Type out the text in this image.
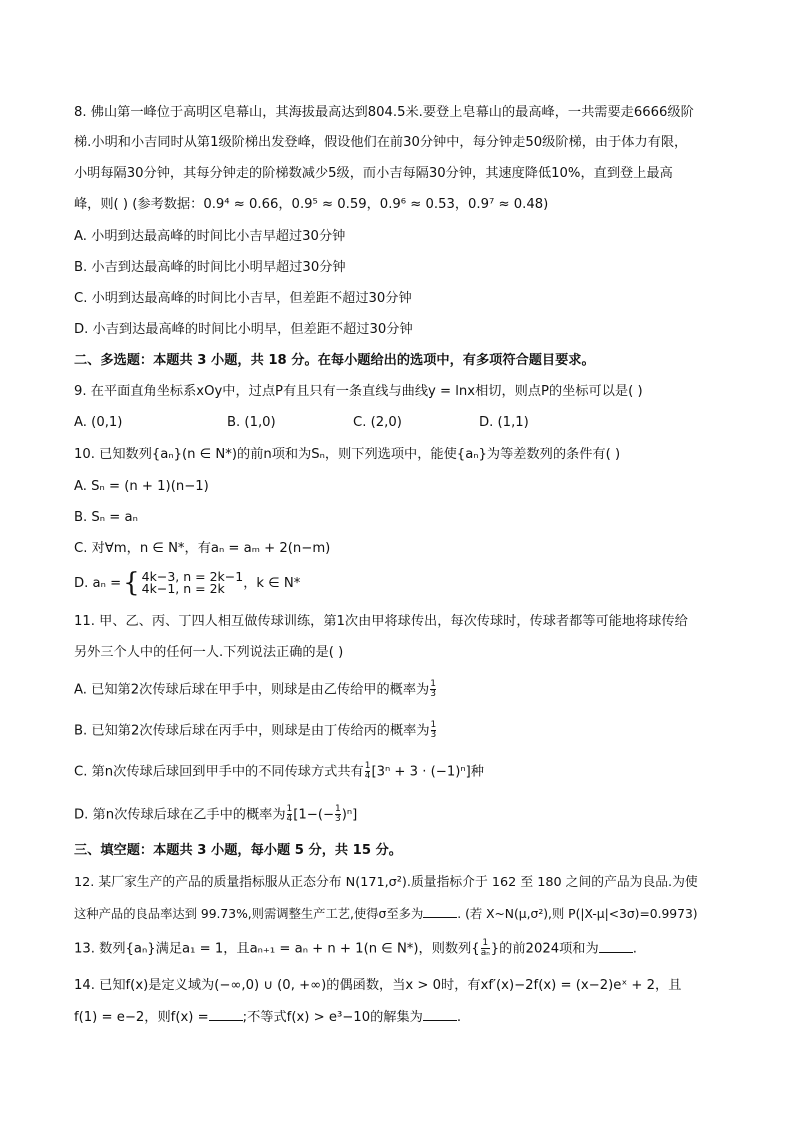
8. 佛山第一峰位于高明区皂幕山，其海拔最高达到804.5米.要登上皂幕山的最高峰，一共需要走6666级阶
梯.小明和小吉同时从第1级阶梯出发登峰，假设他们在前30分钟中，每分钟走50级阶梯，由于体力有限，
小明每隔30分钟，其每分钟走的阶梯数减少5级，而小吉每隔30分钟，其速度降低10%，直到登上最高
峰，则( ) (参考数据：0.9⁴ ≈ 0.66，0.9⁵ ≈ 0.59，0.9⁶ ≈ 0.53，0.9⁷ ≈ 0.48)
A. 小明到达最高峰的时间比小吉早超过30分钟
B. 小吉到达最高峰的时间比小明早超过30分钟
C. 小明到达最高峰的时间比小吉早，但差距不超过30分钟
D. 小吉到达最高峰的时间比小明早，但差距不超过30分钟
二、多选题：本题共 3 小题，共 18 分。在每小题给出的选项中，有多项符合题目要求。
9. 在平面直角坐标系xOy中，过点P有且只有一条直线与曲线y = lnx相切，则点P的坐标可以是( )
A. (0,1)	B. (1,0)	C. (2,0)	D. (1,1)
10. 已知数列{aₙ}(n ∈ N*)的前n项和为Sₙ，则下列选项中，能使{aₙ}为等差数列的条件有( )
A. Sₙ = (n + 1)(n−1)
B. Sₙ = aₙ
C. 对∀m，n ∈ N*，有aₙ = aₘ + 2(n−m)
D. aₙ ={ 4k−3, n = 2k−1
4k−1, n = 2k	，k ∈ N*
11. 甲、乙、丙、丁四人相互做传球训练，第1次由甲将球传出，每次传球时，传球者都等可能地将球传给
另外三个人中的任何一人.下列说法正确的是( )
A. 已知第2次传球后球在甲手中，则球是由乙传给甲的概率为 $\frac{1}{3}$
B. 已知第2次传球后球在丙手中，则球是由丁传给丙的概率为 $\frac{1}{3}$
C. 第n次传球后球回到甲手中的不同传球方式共有 $\frac{1}{4} [3^n + 3 \cdot (-1)^n]$种
D. 第n次传球后球在乙手中的概率为 $\frac{1}{4} [1-(- \frac{1}{3} )^n]$
三、填空题：本题共 3 小题，每小题 5 分，共 15 分。
12. 某厂家生产的产品的质量指标服从正态分布 N(171,σ²).质量指标介于 162 至 180 之间的产品为良品.为使
这种产品的良品率达到 99.73%,则需调整生产工艺,使得σ至多为	. (若 X~N(μ,σ²),则 P(|X-μ|<3σ)=0.9973)
13. 数列{aₙ}满足a₁ = 1，且aₙ₊₁ = aₙ + n + 1(n ∈ N*)，则数列{ $\frac{1}{\text{aₙ}}$ }的前2024项和为	.
14. 已知f(x)是定义域为(−∞,0) ∪ (0, +∞)的偶函数，当x > 0时，有xf′(x)−2f(x) = (x−2)eˣ + 2，且
f(1) = e−2，则f(x) =	;不等式f(x) > e³−10的解集为	.
